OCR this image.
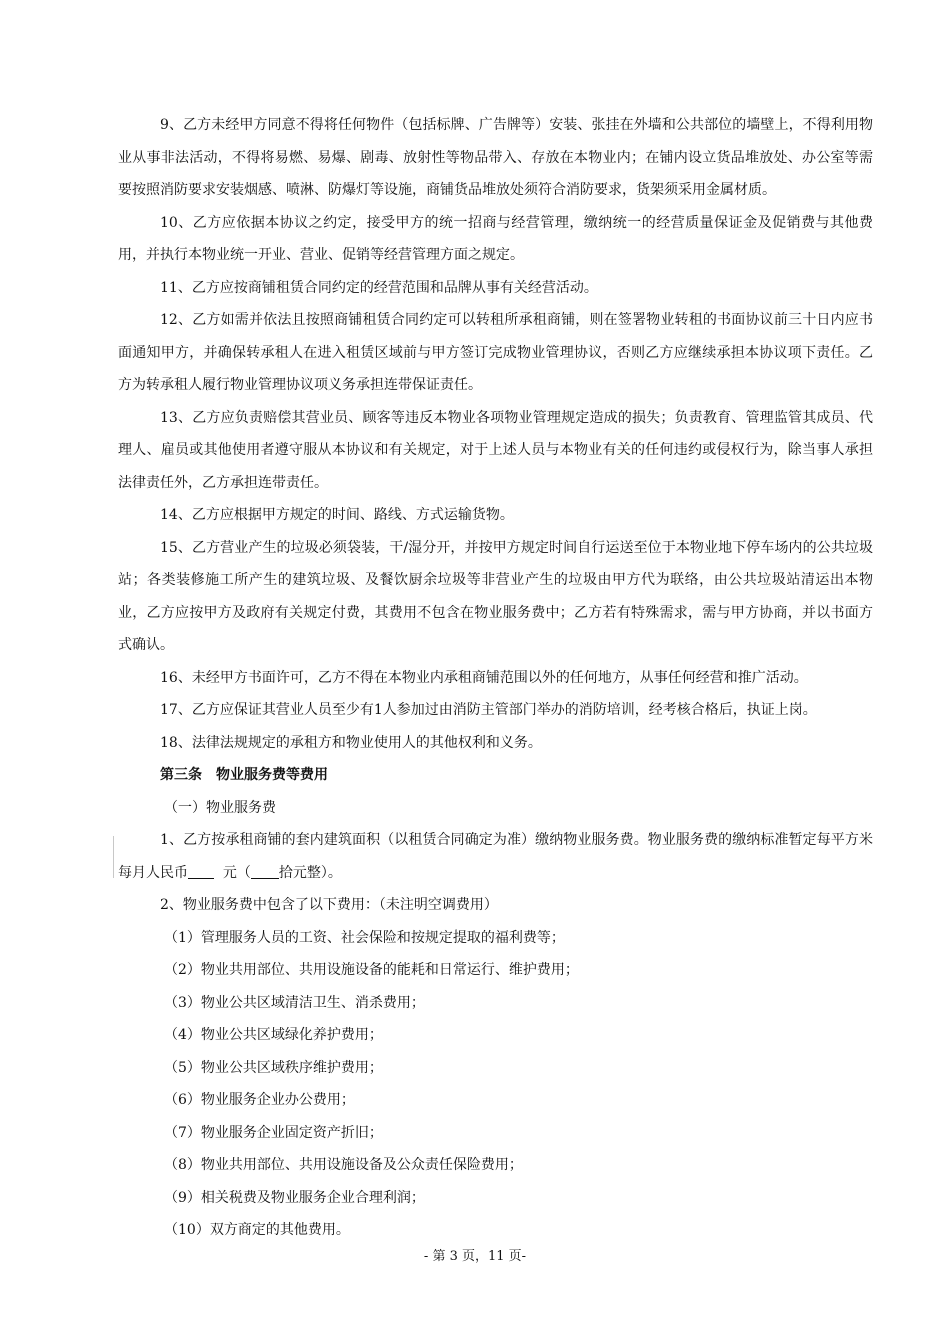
9、乙方未经甲方同意不得将任何物件（包括标牌、广告牌等）安装、张挂在外墙和公共部位的墙壁上，不得利用物业从事非法活动，不得将易燃、易爆、剧毒、放射性等物品带入、存放在本物业内；在铺内设立货品堆放处、办公室等需要按照消防要求安装烟感、喷淋、防爆灯等设施，商铺货品堆放处须符合消防要求，货架须采用金属材质。

10、乙方应依据本协议之约定，接受甲方的统一招商与经营管理，缴纳统一的经营质量保证金及促销费与其他费用，并执行本物业统一开业、营业、促销等经营管理方面之规定。

11、乙方应按商铺租赁合同约定的经营范围和品牌从事有关经营活动。

12、乙方如需并依法且按照商铺租赁合同约定可以转租所承租商铺，则在签署物业转租的书面协议前三十日内应书面通知甲方，并确保转承租人在进入租赁区域前与甲方签订完成物业管理协议，否则乙方应继续承担本协议项下责任。乙方为转承租人履行物业管理协议项义务承担连带保证责任。

13、乙方应负责赔偿其营业员、顾客等违反本物业各项物业管理规定造成的损失；负责教育、管理监管其成员、代理人、雇员或其他使用者遵守服从本协议和有关规定，对于上述人员与本物业有关的任何违约或侵权行为，除当事人承担法律责任外，乙方承担连带责任。

14、乙方应根据甲方规定的时间、路线、方式运输货物。

15、乙方营业产生的垃圾必须袋装，干/湿分开，并按甲方规定时间自行运送至位于本物业地下停车场内的公共垃圾站；各类装修施工所产生的建筑垃圾、及餐饮厨余垃圾等非营业产生的垃圾由甲方代为联络，由公共垃圾站清运出本物业，乙方应按甲方及政府有关规定付费，其费用不包含在物业服务费中；乙方若有特殊需求，需与甲方协商，并以书面方式确认。

16、未经甲方书面许可，乙方不得在本物业内承租商铺范围以外的任何地方，从事任何经营和推广活动。

17、乙方应保证其营业人员至少有1人参加过由消防主管部门举办的消防培训，经考核合格后，执证上岗。

18、法律法规规定的承租方和物业使用人的其他权利和义务。

第三条　物业服务费等费用

（一）物业服务费

1、乙方按承租商铺的套内建筑面积（以租赁合同确定为准）缴纳物业服务费。物业服务费的缴纳标准暂定每平方米每月人民币 元（ 拾元整）。

2、物业服务费中包含了以下费用：（未注明空调费用）

（1）管理服务人员的工资、社会保险和按规定提取的福利费等；

（2）物业共用部位、共用设施设备的能耗和日常运行、维护费用；

（3）物业公共区域清洁卫生、消杀费用；

（4）物业公共区域绿化养护费用；

（5）物业公共区域秩序维护费用；

（6）物业服务企业办公费用；

（7）物业服务企业固定资产折旧；

（8）物业共用部位、共用设施设备及公众责任保险费用；

（9）相关税费及物业服务企业合理利润；

（10）双方商定的其他费用。

- 第 3 页，11 页-
